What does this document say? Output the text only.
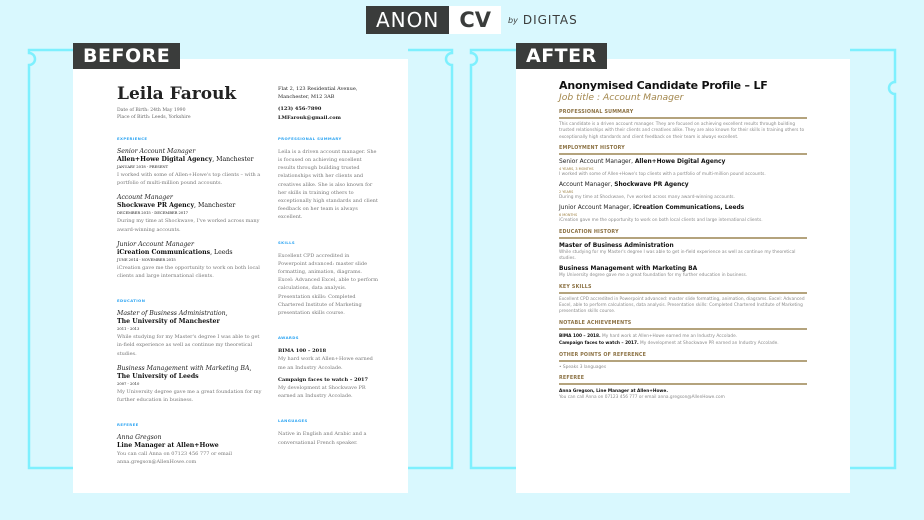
ANON CV	by DIGITAS
BEFORE
Leila Farouk
Date of Birth: 24th May 1990
Place of Birth: Leeds, Yorkshire
EXPERIENCE
Senior Account Manager
Allen+Howe Digital Agency, Manchester
JANUARY 2018 - PRESENT
I worked with some of Allen+Howe's top clients – with a portfolio of multi-million pound accounts.
Account Manager
Shockwave PR Agency, Manchester
DECEMBER 2015 - DECEMBER 2017
During my time at Shockwave, I've worked across many award-winning accounts.
Junior Account Manager
iCreation Communications, Leeds
JUNE 2014 - NOVEMBER 2015
iCreation gave me the opportunity to work on both local clients and large international clients.
EDUCATION
Master of Business Administration,
The University of Manchester
2011 - 2013
While studying for my Master's degree I was able to get in-field experience as well as continue my theoretical studies.
Business Management with Marketing BA,
The University of Leeds
2007 - 2010
My University degree gave me a great foundation for my further education in business.
REFEREE
Anna Gregson
Line Manager at Allen+Howe
You can call Anna on 07123 456 777 or email anna.gregson@AllenHowe.com
Flat 2, 123 Residential Avenue,
Manchester, M12 3AB
(123) 456-7890
LMFarouk@gmail.com
PROFESSIONAL SUMMARY
Leila is a driven account manager. She is focused on achieving excellent results through building trusted relationships with her clients and creatives alike. She is also known for her skills in training others to exceptionally high standards and client feedback on her team is always excellent.
SKILLS
Excellent CPD accredited in Powerpoint advanced: master slide formatting, animation, diagrams. Excel: Advanced Excel, able to perform calculations, data analysis. Presentation skills: Completed Chartered Institute of Marketing presentation skills course.
AWARDS
BIMA 100 – 2018
My hard work at Allen+Howe earned me an Industry Accolade.
Campaign faces to watch – 2017
My development at Shockwave PR earned an Industry Accolade.
LANGUAGES
Native in English and Arabic and a conversational French speaker.
AFTER
Anonymised Candidate Profile – LF
Job title : Account Manager
PROFESSIONAL SUMMARY
This candidate is a driven account manager. They are focused on achieving excellent results through building trusted relationships with their clients and creatives alike. They are also known for their skills in training others to exceptionally high standards and client feedback on their team is always excellent.
EMPLOYMENT HISTORY
Senior Account Manager, Allen+Howe Digital Agency
4 YEARS, 3 MONTHS
I worked with some of Allen+Howe's top clients with a portfolio of multi-million pound accounts.
Account Manager, Shockwave PR Agency
2 YEARS
During my time at Shockwave, I've worked across many award-winning accounts.
Junior Account Manager, iCreation Communications, Leeds
6 MONTHS
iCreation gave me the opportunity to work on both local clients and large international clients.
EDUCATION HISTORY
Master of Business Administration
While studying for my Master's degree I was able to get in-field experience as well as continue my theoretical studies.
Business Management with Marketing BA
My University degree gave me a great foundation for my further education in business.
KEY SKILLS
Excellent CPD accredited in Powerpoint advanced: master slide formatting, animation, diagrams. Excel: Advanced Excel, able to perform calculations, data analysis. Presentation skills: Completed Chartered Institute of Marketing presentation skills course.
NOTABLE ACHIEVEMENTS
BIMA 100 – 2018. My hard work at Allen+Howe earned me an Industry Accolade.
Campaign faces to watch – 2017. My development at Shockwave PR earned an Industry Accolade.
OTHER POINTS OF REFERENCE
• Speaks 3 languages
REFEREE
Anna Gregson, Line Manager at Allen+Howe.
You can call Anna on 07123 456 777 or email anna.gregson@AllenHowe.com
